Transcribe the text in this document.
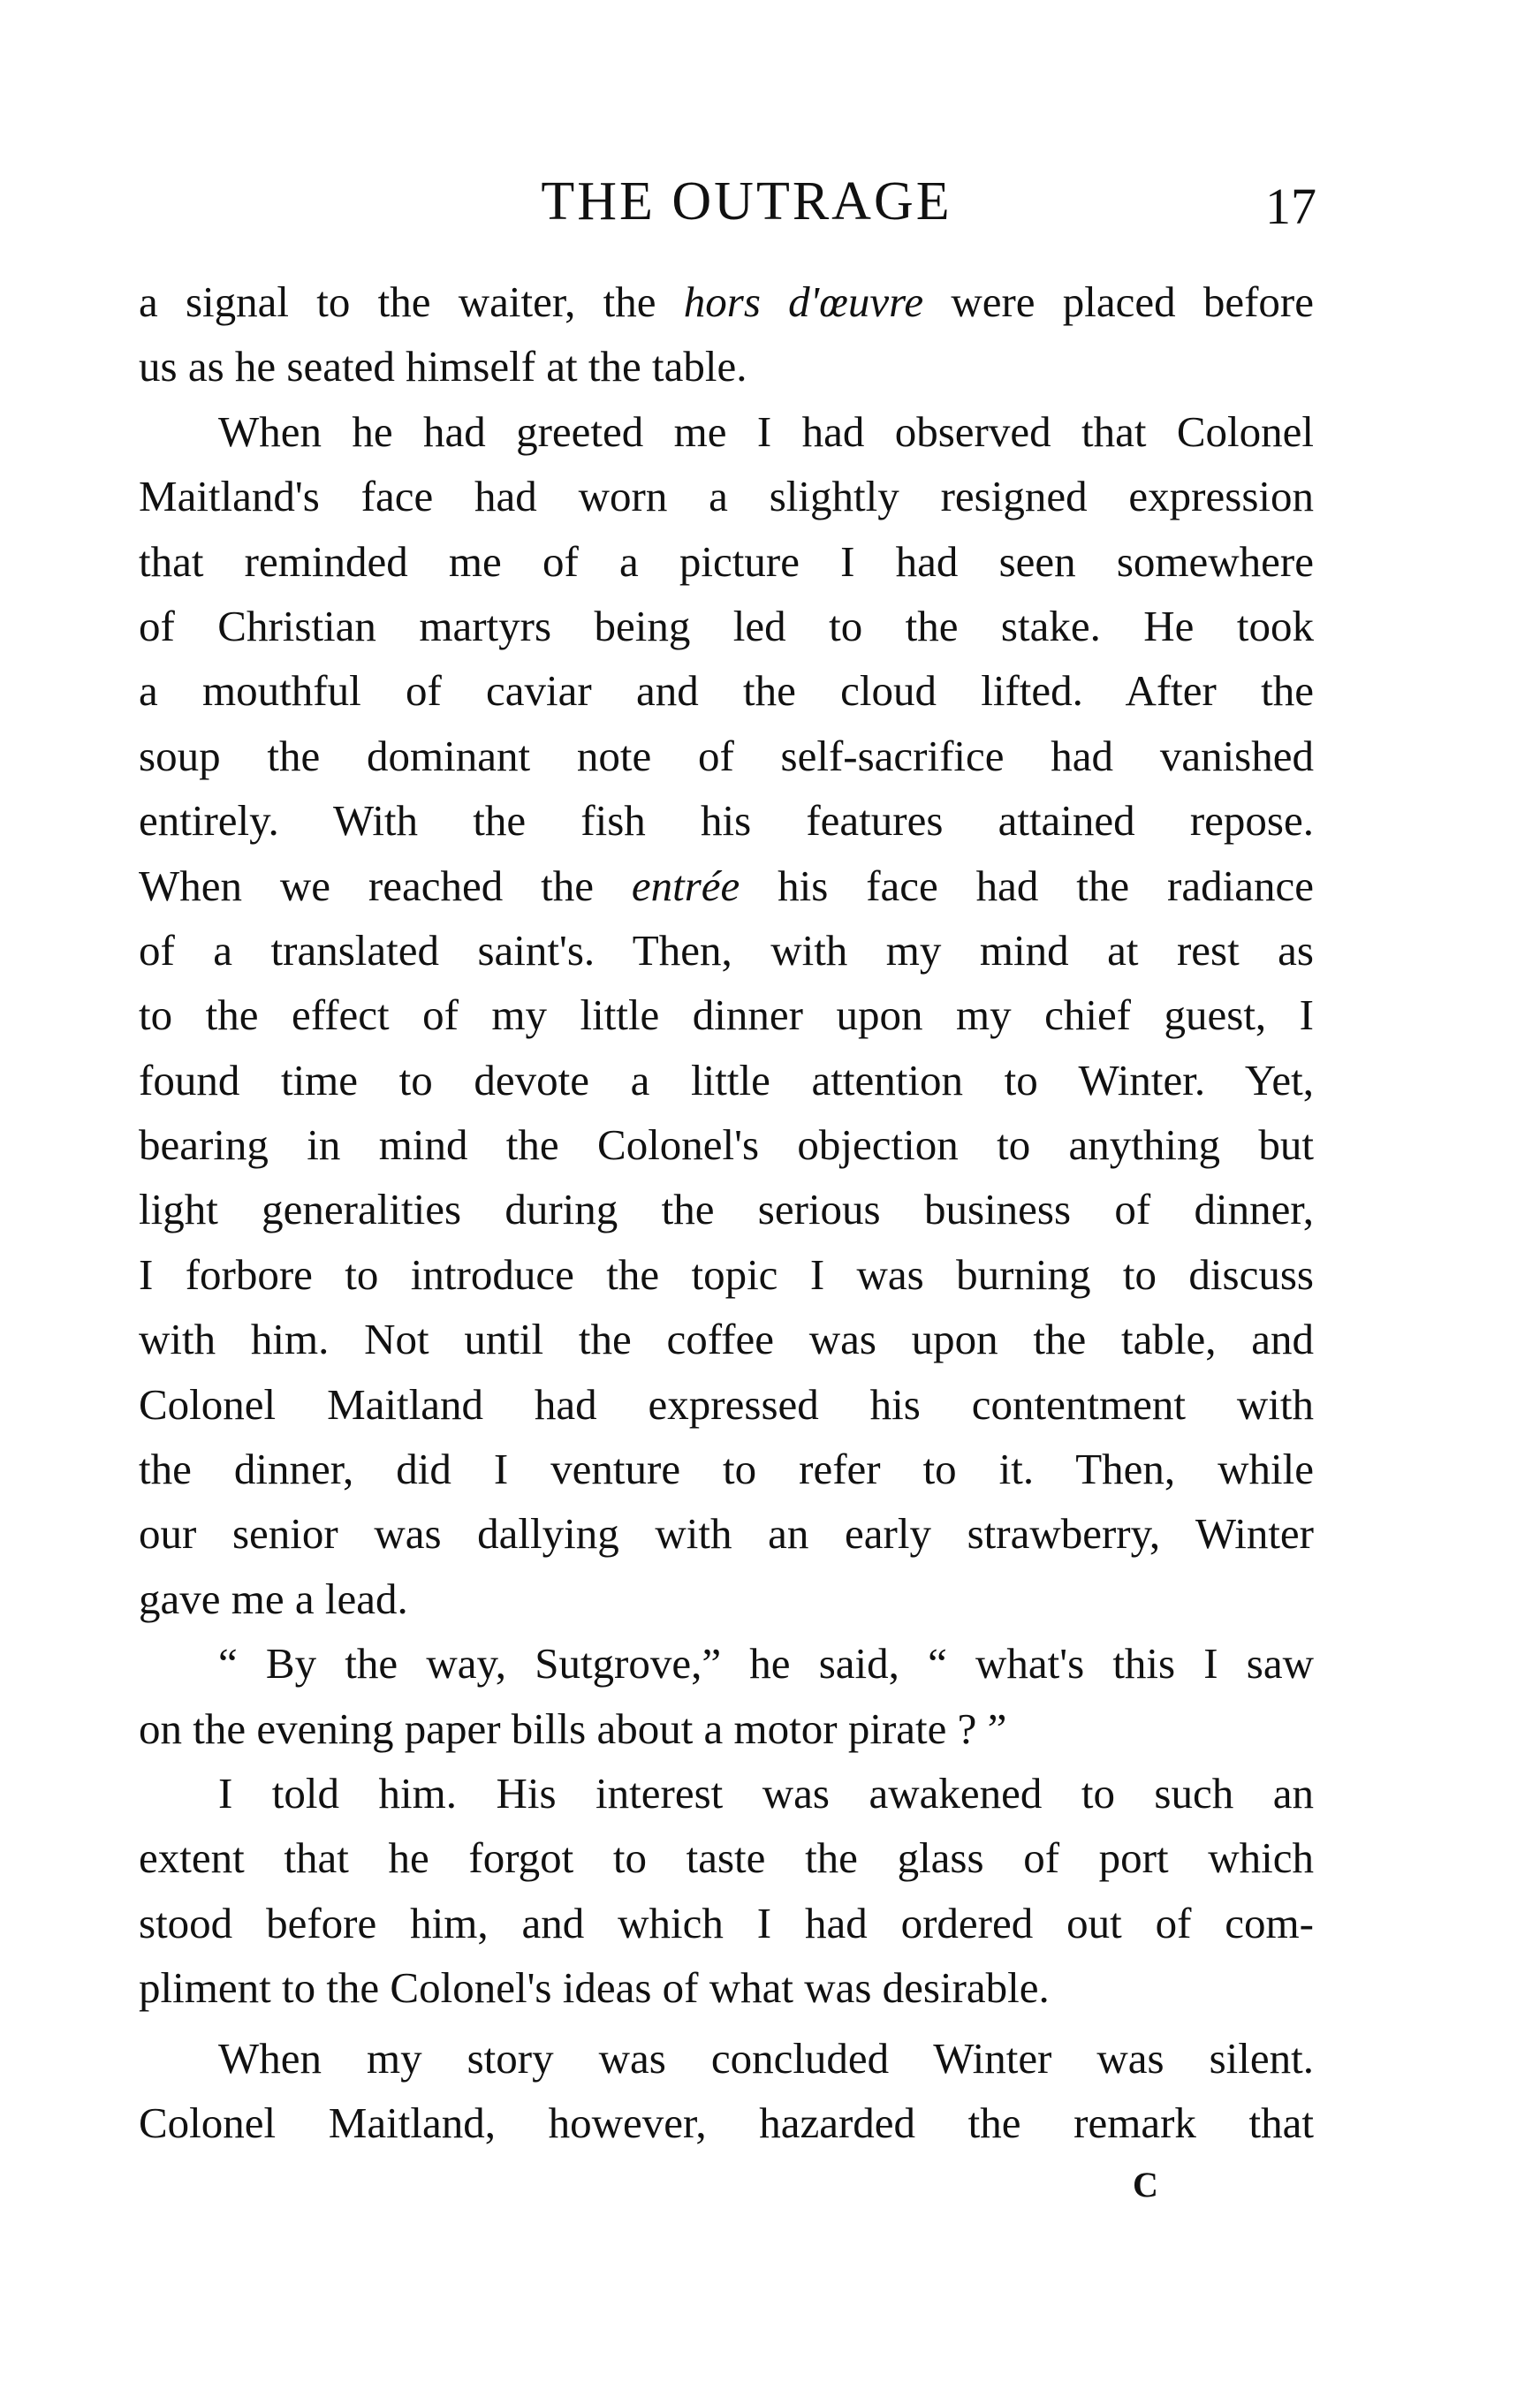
THE OUTRAGE	17
a signal to the waiter, the hors d'œuvre were placed before
us as he seated himself at the table.
When he had greeted me I had observed that Colonel
Maitland's face had worn a slightly resigned expression
that reminded me of a picture I had seen somewhere
of Christian martyrs being led to the stake. He took
a mouthful of caviar and the cloud lifted. After the
soup the dominant note of self-sacrifice had vanished
entirely. With the fish his features attained repose.
When we reached the entrée his face had the radiance
of a translated saint's. Then, with my mind at rest as
to the effect of my little dinner upon my chief guest, I
found time to devote a little attention to Winter. Yet,
bearing in mind the Colonel's objection to anything but
light generalities during the serious business of dinner,
I forbore to introduce the topic I was burning to discuss
with him. Not until the coffee was upon the table, and
Colonel Maitland had expressed his contentment with
the dinner, did I venture to refer to it. Then, while
our senior was dallying with an early strawberry, Winter
gave me a lead.
“ By the way, Sutgrove,” he said, “ what's this I saw
on the evening paper bills about a motor pirate ? ”
I told him. His interest was awakened to such an
extent that he forgot to taste the glass of port which
stood before him, and which I had ordered out of com-
pliment to the Colonel's ideas of what was desirable.
When my story was concluded Winter was silent.
Colonel Maitland, however, hazarded the remark that
C
